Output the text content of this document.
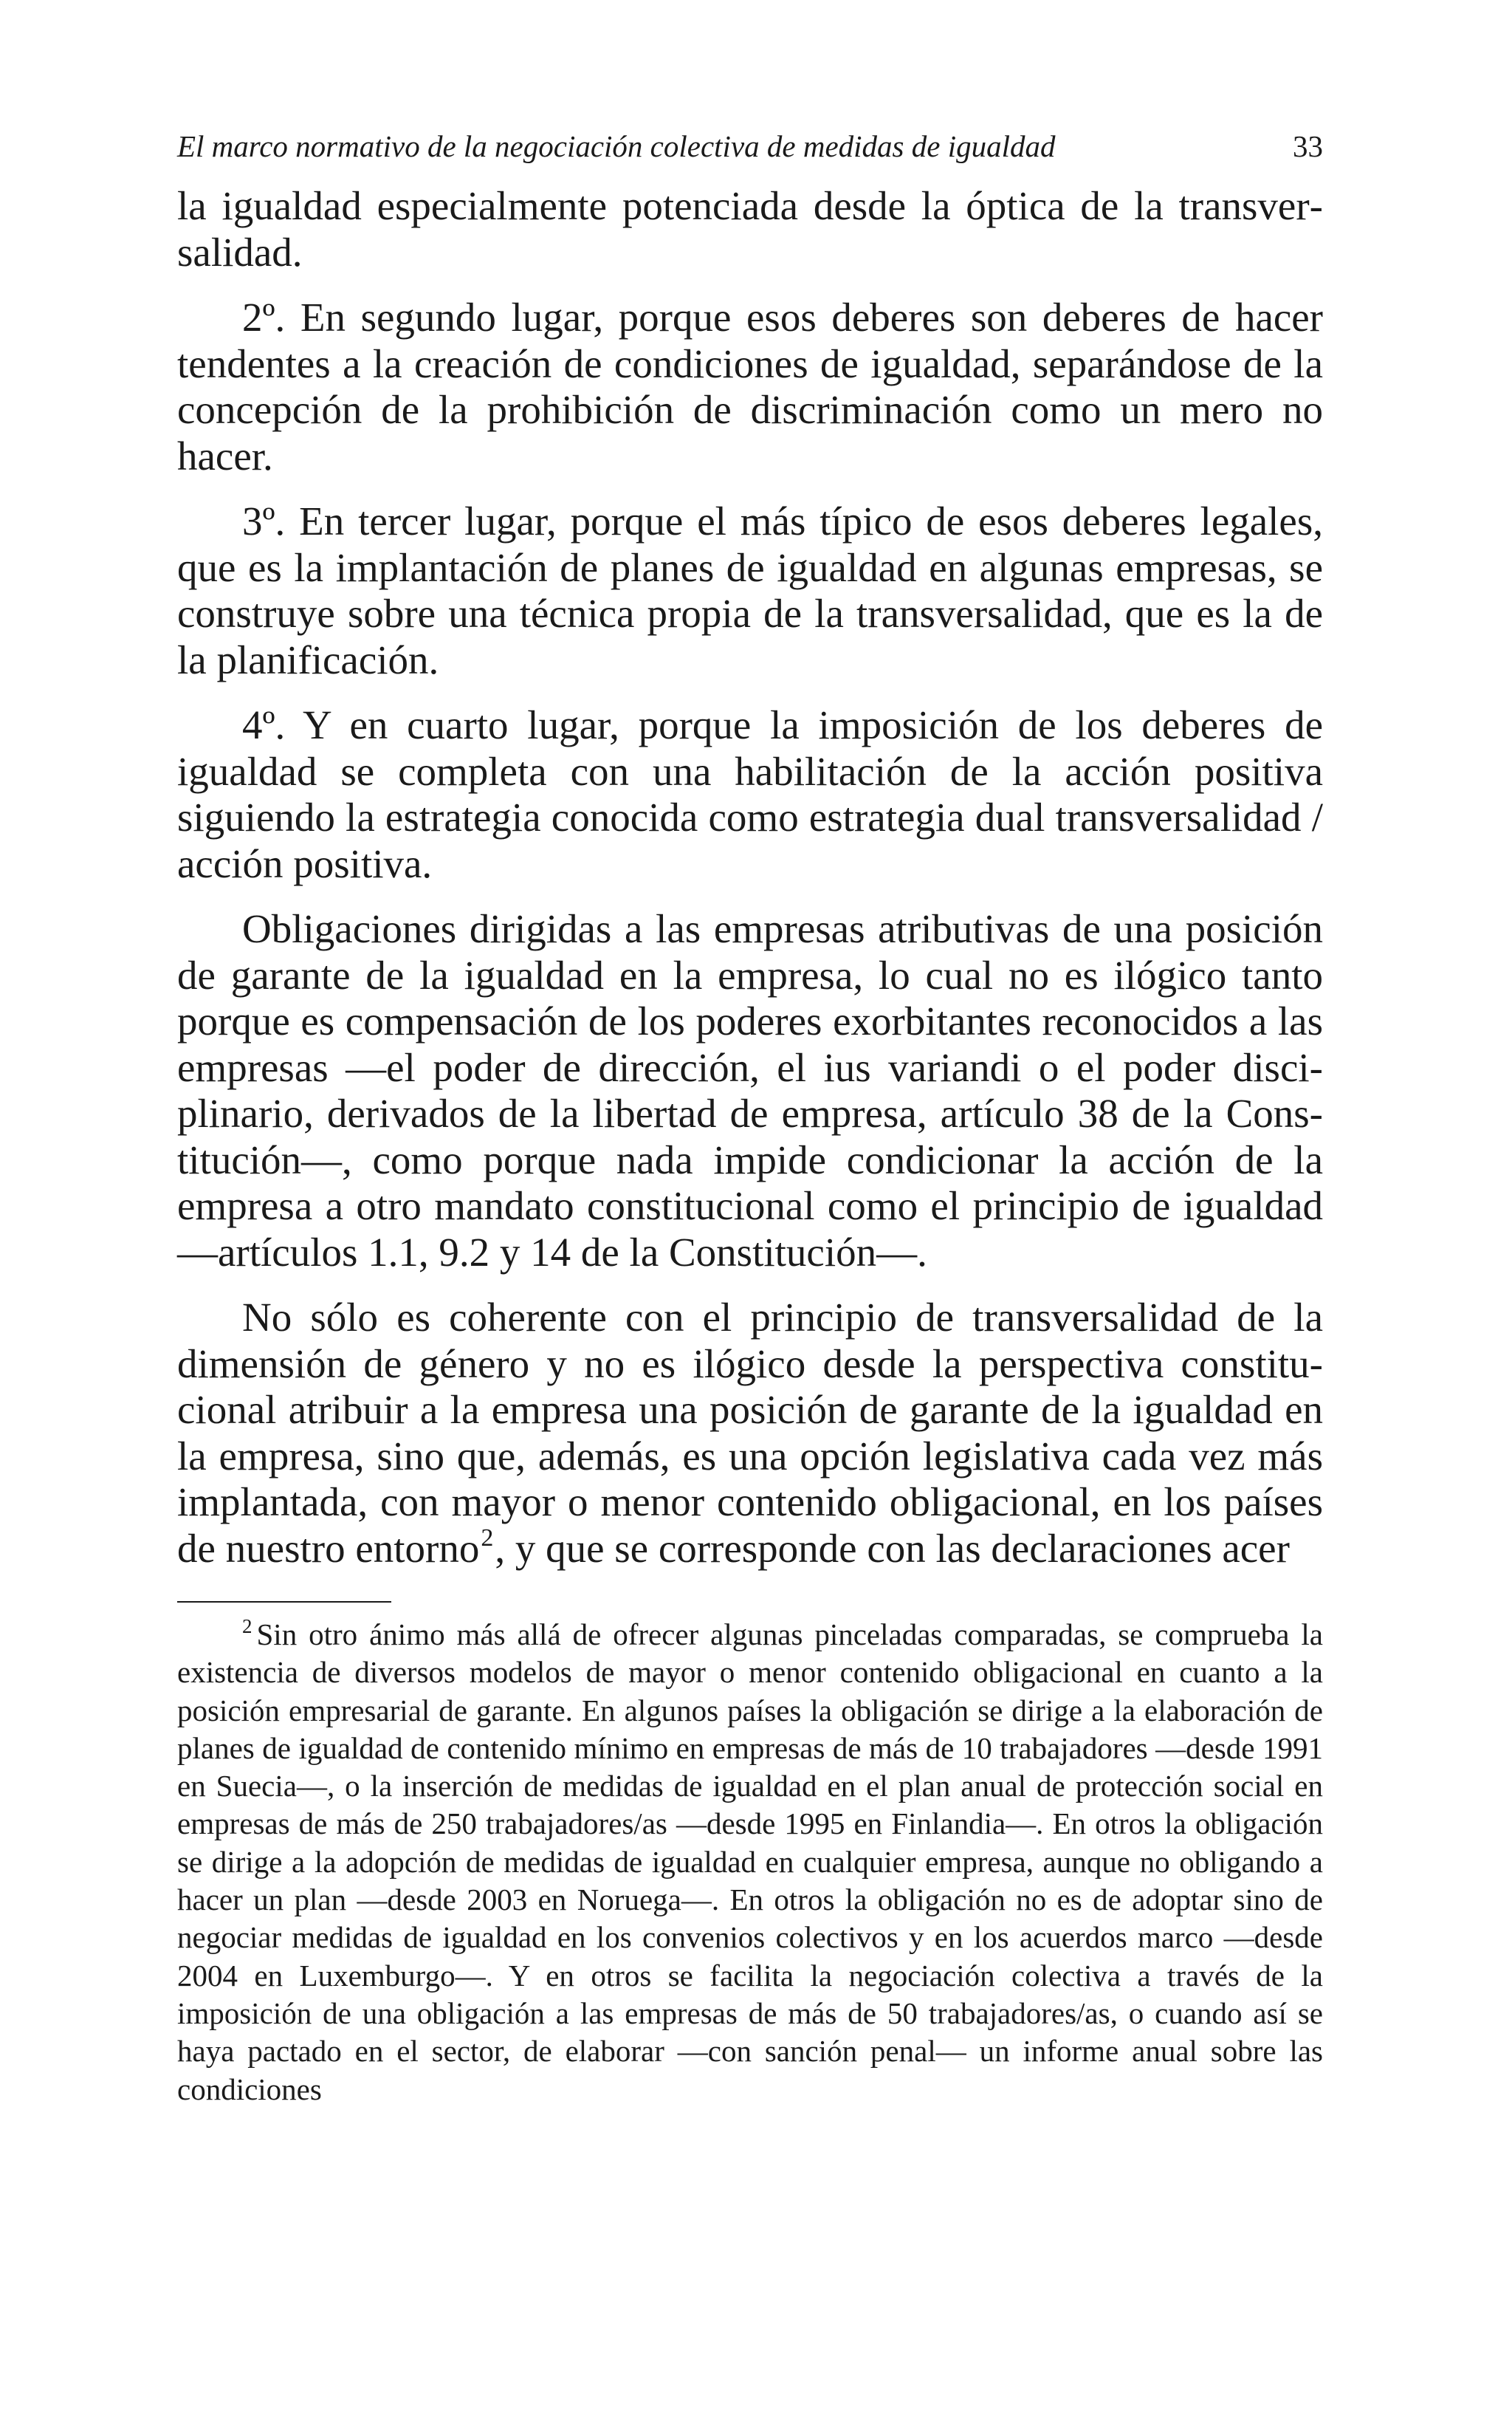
El marco normativo de la negociación colectiva de medidas de igualdad	33

la igualdad especialmente potenciada desde la óptica de la transversalidad.

2º. En segundo lugar, porque esos deberes son deberes de hacer tendentes a la creación de condiciones de igualdad, separándose de la concepción de la prohibición de discriminación como un mero no hacer.

3º. En tercer lugar, porque el más típico de esos deberes legales, que es la implantación de planes de igualdad en algunas empresas, se construye sobre una técnica propia de la transversalidad, que es la de la planificación.

4º. Y en cuarto lugar, porque la imposición de los deberes de igualdad se completa con una habilitación de la acción positiva siguiendo la estrategia conocida como estrategia dual transversalidad / acción positiva.

Obligaciones dirigidas a las empresas atributivas de una posición de garante de la igualdad en la empresa, lo cual no es ilógico tanto porque es compensación de los poderes exorbitantes reconocidos a las empresas —el poder de dirección, el ius variandi o el poder disciplinario, derivados de la libertad de empresa, artículo 38 de la Constitución—, como porque nada impide condicionar la acción de la empresa a otro mandato constitucional como el principio de igualdad —artículos 1.1, 9.2 y 14 de la Constitución—.

No sólo es coherente con el principio de transversalidad de la dimensión de género y no es ilógico desde la perspectiva constitucional atribuir a la empresa una posición de garante de la igualdad en la empresa, sino que, además, es una opción legislativa cada vez más implantada, con mayor o menor contenido obligacional, en los países de nuestro entorno$^2$, y que se corresponde con las declaraciones acer

$^2$ Sin otro ánimo más allá de ofrecer algunas pinceladas comparadas, se comprueba la existencia de diversos modelos de mayor o menor contenido obligacional en cuanto a la posición empresarial de garante. En algunos países la obligación se dirige a la elaboración de planes de igualdad de contenido mínimo en empresas de más de 10 trabajadores —desde 1991 en Suecia—, o la inserción de medidas de igualdad en el plan anual de protección social en empresas de más de 250 trabajadores/as —desde 1995 en Finlandia—. En otros la obligación se dirige a la adopción de medidas de igualdad en cualquier empresa, aunque no obligando a hacer un plan —desde 2003 en Noruega—. En otros la obligación no es de adoptar sino de negociar medidas de igualdad en los convenios colectivos y en los acuerdos marco —desde 2004 en Luxemburgo—. Y en otros se facilita la negociación colectiva a través de la imposición de una obligación a las empresas de más de 50 trabajadores/as, o cuando así se haya pactado en el sector, de elaborar —con sanción penal— un informe anual sobre las condiciones
